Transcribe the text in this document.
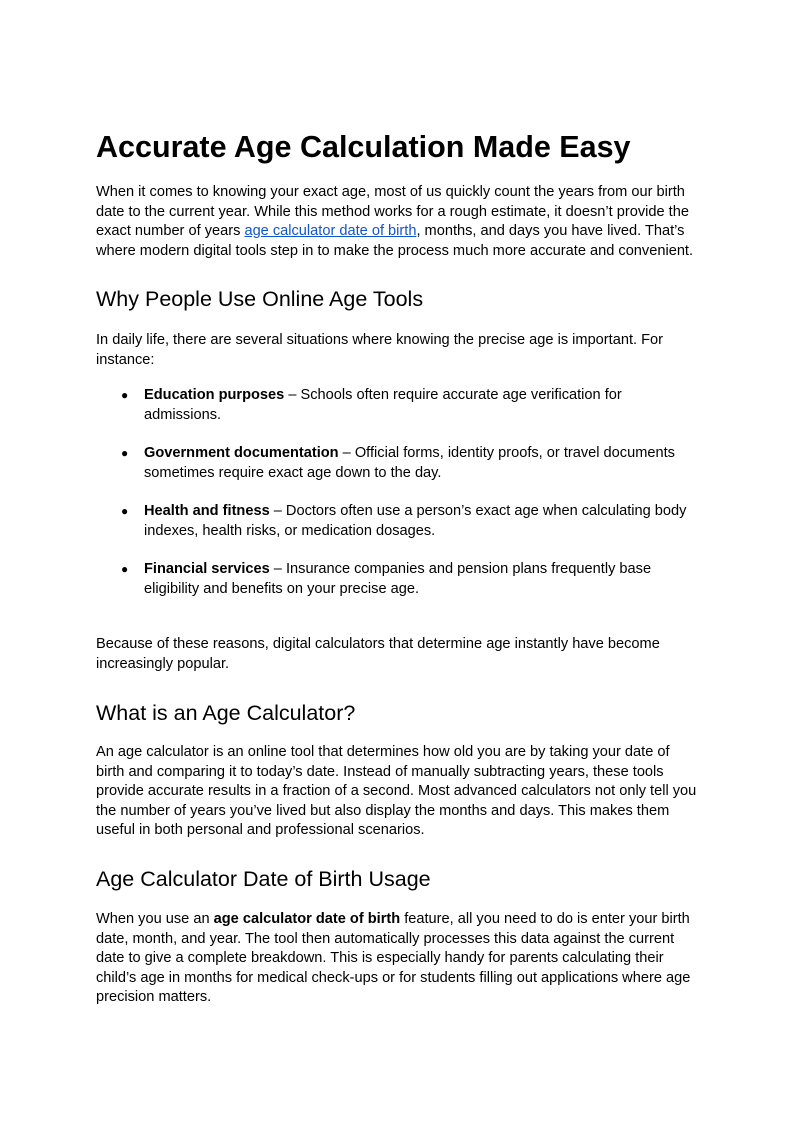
Accurate Age Calculation Made Easy

When it comes to knowing your exact age, most of us quickly count the years from our birth date to the current year. While this method works for a rough estimate, it doesn’t provide the exact number of years age calculator date of birth, months, and days you have lived. That’s where modern digital tools step in to make the process much more accurate and convenient.

Why People Use Online Age Tools

In daily life, there are several situations where knowing the precise age is important. For instance:

● Education purposes – Schools often require accurate age verification for admissions.
● Government documentation – Official forms, identity proofs, or travel documents sometimes require exact age down to the day.
● Health and fitness – Doctors often use a person’s exact age when calculating body indexes, health risks, or medication dosages.
● Financial services – Insurance companies and pension plans frequently base eligibility and benefits on your precise age.

Because of these reasons, digital calculators that determine age instantly have become increasingly popular.

What is an Age Calculator?

An age calculator is an online tool that determines how old you are by taking your date of birth and comparing it to today’s date. Instead of manually subtracting years, these tools provide accurate results in a fraction of a second. Most advanced calculators not only tell you the number of years you’ve lived but also display the months and days. This makes them useful in both personal and professional scenarios.

Age Calculator Date of Birth Usage

When you use an age calculator date of birth feature, all you need to do is enter your birth date, month, and year. The tool then automatically processes this data against the current date to give a complete breakdown. This is especially handy for parents calculating their child’s age in months for medical check-ups or for students filling out applications where age precision matters.
